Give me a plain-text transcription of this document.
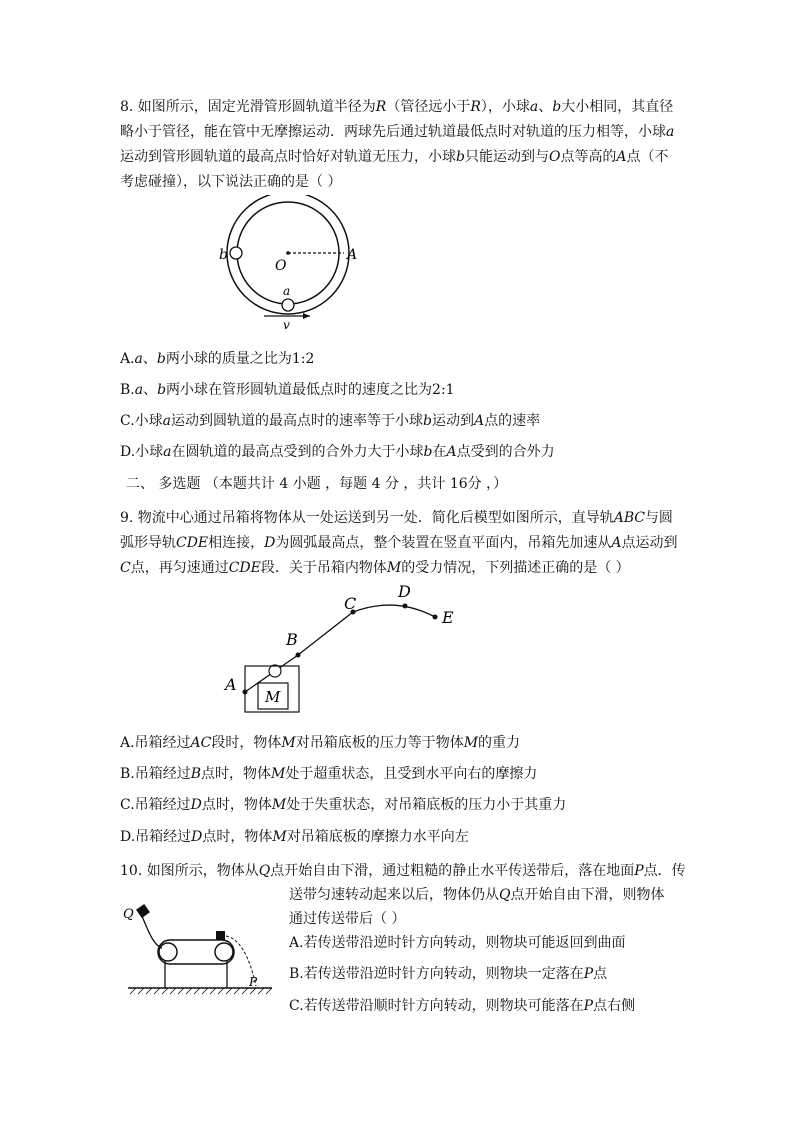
8. 如图所示，固定光滑管形圆轨道半径为𝑅（管径远小于𝑅），小球𝑎、𝑏大小相同，其直径
略小于管径，能在管中无摩擦运动．两球先后通过轨道最低点时对轨道的压力相等，小球𝑎
运动到管形圆轨道的最高点时恰好对轨道无压力，小球𝑏只能运动到与𝑂点等高的𝐴点（不
考虑碰撞），以下说法正确的是（ ）
b
O
A
a
v
A.𝑎、𝑏两小球的质量之比为1:2
B.𝑎、𝑏两小球在管形圆轨道最低点时的速度之比为2:1
C.小球𝑎运动到圆轨道的最高点时的速率等于小球𝑏运动到𝐴点的速率
D.小球𝑎在圆轨道的最高点受到的合外力大于小球𝑏在𝐴点受到的合外力
二、 多选题 （本题共计 4 小题 ，每题 4 分 ，共计 16分 ，）
9. 物流中心通过吊箱将物体从一处运送到另一处．简化后模型如图所示，直导轨𝐴𝐵𝐶与圆
弧形导轨𝐶𝐷𝐸相连接，𝐷为圆弧最高点，整个装置在竖直平面内，吊箱先加速从𝐴点运动到
𝐶点，再匀速通过𝐶𝐷𝐸段．关于吊箱内物体𝑀的受力情况，下列描述正确的是（ ）
M
A
B
C
D
E
A.吊箱经过𝐴𝐶段时，物体𝑀对吊箱底板的压力等于物体𝑀的重力
B.吊箱经过𝐵点时，物体𝑀处于超重状态，且受到水平向右的摩擦力
C.吊箱经过𝐷点时，物体𝑀处于失重状态，对吊箱底板的压力小于其重力
D.吊箱经过𝐷点时，物体𝑀对吊箱底板的摩擦力水平向左
10. 如图所示，物体从𝑄点开始自由下滑，通过粗糙的静止水平传送带后，落在地面𝑃点．传
送带匀速转动起来以后，物体仍从𝑄点开始自由下滑，则物体
通过传送带后（ ）
Q
P
A.若传送带沿逆时针方向转动，则物块可能返回到曲面
B.若传送带沿逆时针方向转动，则物块一定落在𝑃点
C.若传送带沿顺时针方向转动，则物块可能落在𝑃点右侧
